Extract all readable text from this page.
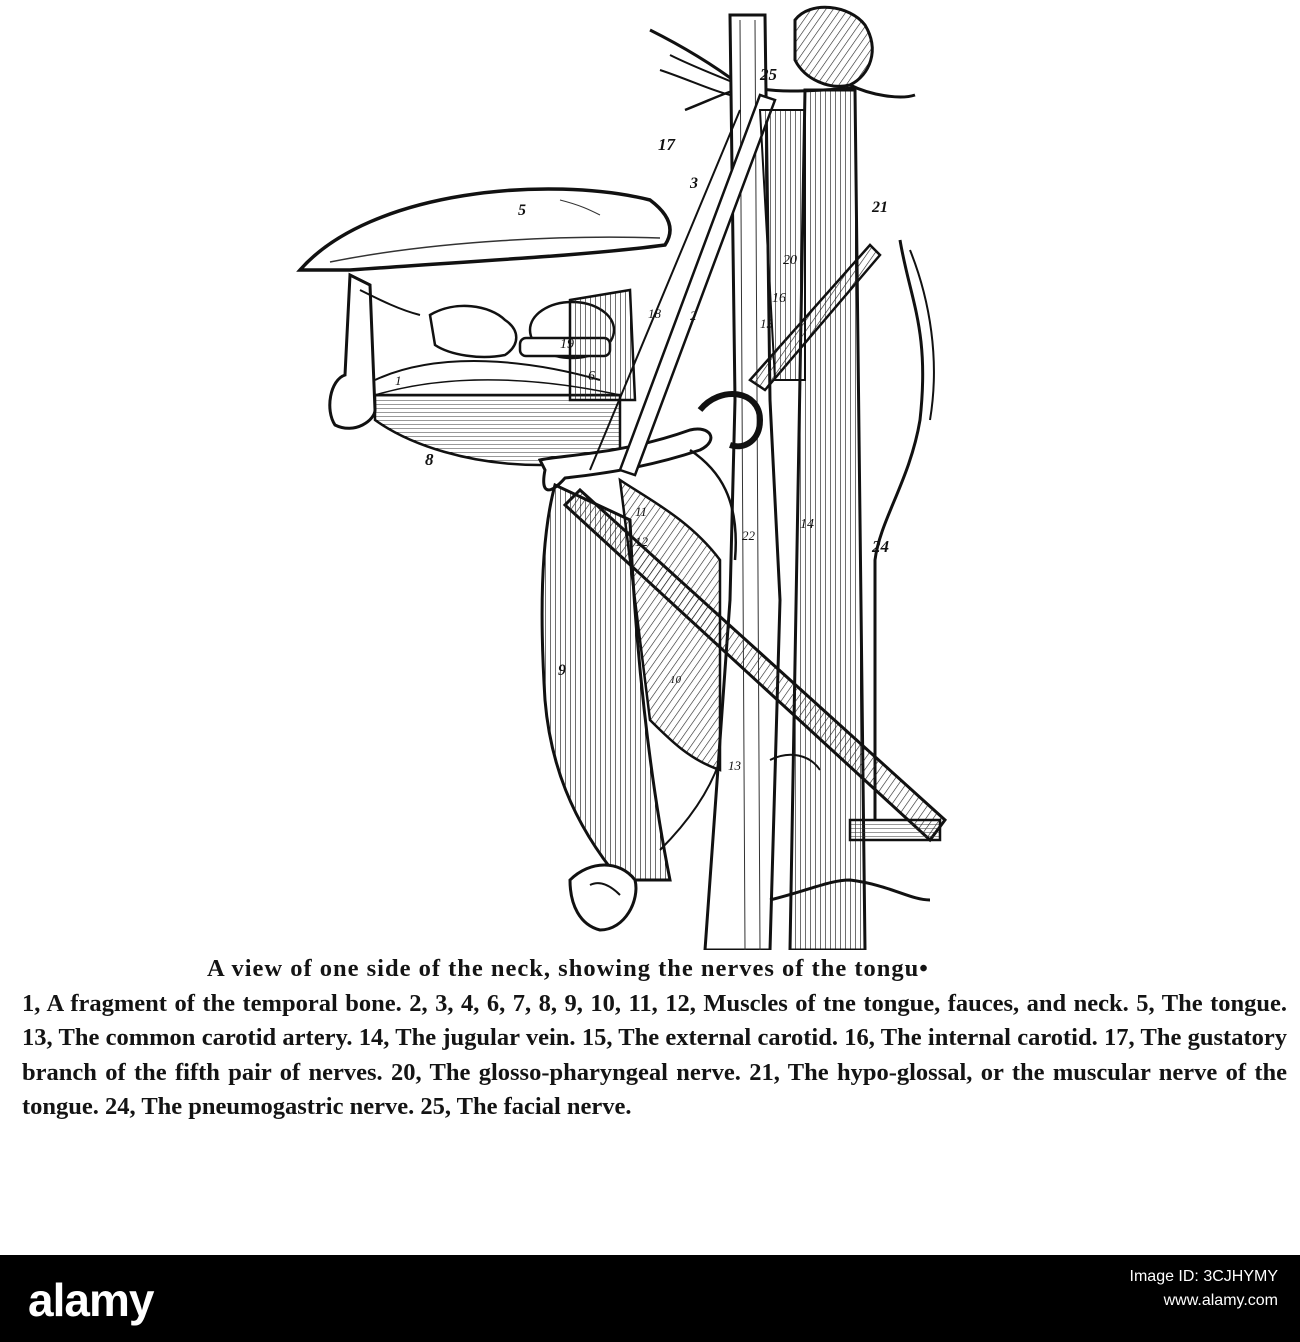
25
17
3
5	21
20
16
18 2
15
19
6
1
8
11
12	22
14
24
9
10
13
A view of one side of the neck, showing the nerves of the tongu•

1, A fragment of the temporal bone. 2, 3, 4, 6, 7, 8, 9, 10, 11, 12, Muscles of tne tongue, fauces, and neck. 5, The tongue. 13, The common carotid artery. 14, The jugular vein. 15, The external carotid. 16, The internal carotid. 17, The gustatory branch of the fifth pair of nerves. 20, The glosso-pharyngeal nerve. 21, The hypo-glossal, or the muscular nerve of the tongue. 24, The pneumogastric nerve. 25, The facial nerve.

alamy	Image ID: 3CJHYMY
www.alamy.com
